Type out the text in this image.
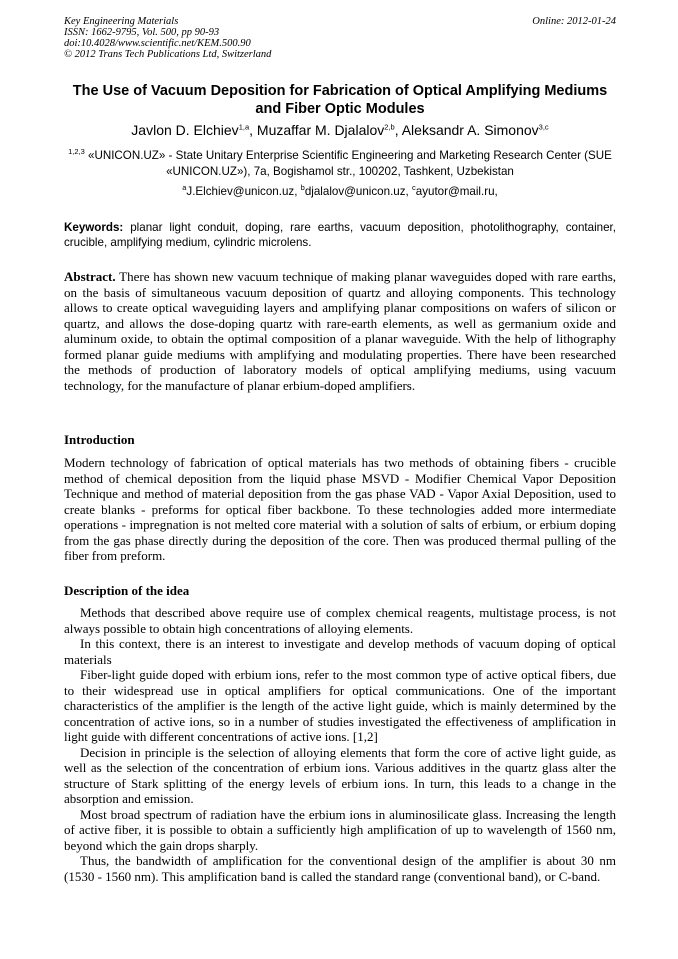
Key Engineering Materials
ISSN: 1662-9795, Vol. 500, pp 90-93
doi:10.4028/www.scientific.net/KEM.500.90
© 2012 Trans Tech Publications Ltd, Switzerland
Online: 2012-01-24
The Use of Vacuum Deposition for Fabrication of Optical Amplifying Mediums and Fiber Optic Modules
Javlon D. Elchiev$^{1,a}$, Muzaffar M. Djalalov$^{2,b}$, Aleksandr A. Simonov$^{3,c}$
$^{1,2,3}$ «UNICON.UZ» - State Unitary Enterprise Scientific Engineering and Marketing Research Center (SUE «UNICON.UZ»), 7a, Bogishamol str., 100202, Tashkent, Uzbekistan
$^a$J.Elchiev@unicon.uz, $^b$djalalov@unicon.uz, $^c$ayutor@mail.ru,
Keywords: planar light conduit, doping, rare earths, vacuum deposition, photolithography, container, crucible, amplifying medium, cylindric microlens.
Abstract. There has shown new vacuum technique of making planar waveguides doped with rare earths, on the basis of simultaneous vacuum deposition of quartz and alloying components. This technology allows to create optical waveguiding layers and amplifying planar compositions on wafers of silicon or quartz, and allows the dose-doping quartz with rare-earth elements, as well as germanium oxide and aluminum oxide, to obtain the optimal composition of a planar waveguide. With the help of lithography formed planar guide mediums with amplifying and modulating properties. There have been researched the methods of production of laboratory models of optical amplifying mediums, using vacuum technology, for the manufacture of planar erbium-doped amplifiers.
Introduction
Modern technology of fabrication of optical materials has two methods of obtaining fibers - crucible method of chemical deposition from the liquid phase MSVD - Modifier Chemical Vapor Deposition Technique and method of material deposition from the gas phase VAD - Vapor Axial Deposition, used to create blanks - preforms for optical fiber backbone. To these technologies added more intermediate operations - impregnation is not melted core material with a solution of salts of erbium, or erbium doping from the gas phase directly during the deposition of the core. Then was produced thermal pulling of the fiber from preform.
Description of the idea

Methods that described above require use of complex chemical reagents, multistage process, is not always possible to obtain high concentrations of alloying elements.

In this context, there is an interest to investigate and develop methods of vacuum doping of optical materials

Fiber-light guide doped with erbium ions, refer to the most common type of active optical fibers, due to their widespread use in optical amplifiers for optical communications. One of the important characteristics of the amplifier is the length of the active light guide, which is mainly determined by the concentration of active ions, so in a number of studies investigated the effectiveness of amplification in light guide with different concentrations of active ions. [1,2]

Decision in principle is the selection of alloying elements that form the core of active light guide, as well as the selection of the concentration of erbium ions. Various additives in the quartz glass alter the structure of Stark splitting of the energy levels of erbium ions. In turn, this leads to a change in the absorption and emission.

Most broad spectrum of radiation have the erbium ions in aluminosilicate glass. Increasing the length of active fiber, it is possible to obtain a sufficiently high amplification of up to wavelength of 1560 nm, beyond which the gain drops sharply.

Thus, the bandwidth of amplification for the conventional design of the amplifier is about 30 nm (1530 - 1560 nm). This amplification band is called the standard range (conventional band), or C-band.
